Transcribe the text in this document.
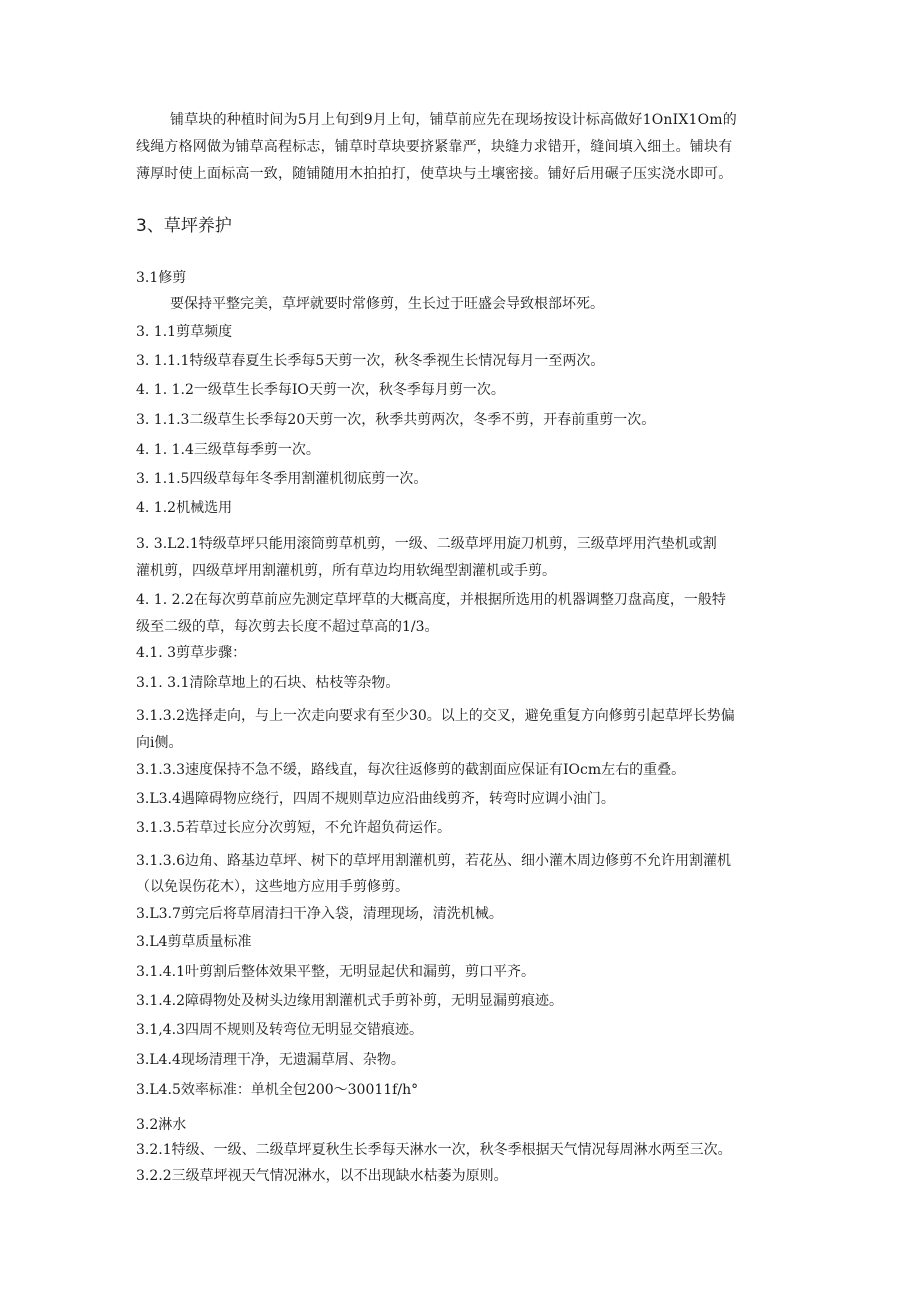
铺草块的种植时间为5月上旬到9月上旬，铺草前应先在现场按设计标高做好1OnIX1Om的
线绳方格网做为铺草高程标志，铺草时草块要挤紧靠严，块缝力求错开，缝间填入细土。铺块有
薄厚时使上面标高一致，随铺随用木拍拍打，使草块与土壤密接。铺好后用碾子压实浇水即可。
3、草坪养护
3.1修剪
要保持平整完美，草坪就要时常修剪，生长过于旺盛会导致根部坏死。
3. 1.1剪草频度
3. 1.1.1特级草春夏生长季每5天剪一次，秋冬季视生长情况每月一至两次。
4. 1. 1.2一级草生长季每IO天剪一次，秋冬季每月剪一次。
3. 1.1.3二级草生长季每20天剪一次，秋季共剪两次，冬季不剪，开春前重剪一次。
4. 1. 1.4三级草每季剪一次。
3. 1.1.5四级草每年冬季用割灌机彻底剪一次。
4. 1.2机械选用
3. 3.L2.1特级草坪只能用滚筒剪草机剪，一级、二级草坪用旋刀机剪，三级草坪用汽垫机或割
灌机剪，四级草坪用割灌机剪，所有草边均用软绳型割灌机或手剪。
4. 1. 2.2在每次剪草前应先测定草坪草的大概高度，并根据所选用的机器调整刀盘高度，一般特
级至二级的草，每次剪去长度不超过草高的1/3。
4.1. 3剪草步骤：
3.1. 3.1清除草地上的石块、枯枝等杂物。
3.1.3.2选择走向，与上一次走向要求有至少30。以上的交叉，避免重复方向修剪引起草坪长势偏
向i侧。
3.1.3.3速度保持不急不缓，路线直，每次往返修剪的截割面应保证有IOcm左右的重叠。
3.L3.4遇障碍物应绕行，四周不规则草边应沿曲线剪齐，转弯时应调小油门。
3.1.3.5若草过长应分次剪短，不允许超负荷运作。
3.1.3.6边角、路基边草坪、树下的草坪用割灌机剪，若花丛、细小灌木周边修剪不允许用割灌机
（以免误伤花木），这些地方应用手剪修剪。
3.L3.7剪完后将草屑清扫干净入袋，清理现场，清洗机械。
3.L4剪草质量标准
3.1.4.1叶剪割后整体效果平整，无明显起伏和漏剪，剪口平齐。
3.1.4.2障碍物处及树头边缘用割灌机式手剪补剪，无明显漏剪痕迹。
3.1,4.3四周不规则及转弯位无明显交错痕迹。
3.L4.4现场清理干净，无遗漏草屑、杂物。
3.L4.5效率标准：单机全包200〜30011f∕h°
3.2淋水
3.2.1特级、一级、二级草坪夏秋生长季每天淋水一次，秋冬季根据天气情况每周淋水两至三次。
3.2.2三级草坪视天气情况淋水，以不出现缺水枯萎为原则。
